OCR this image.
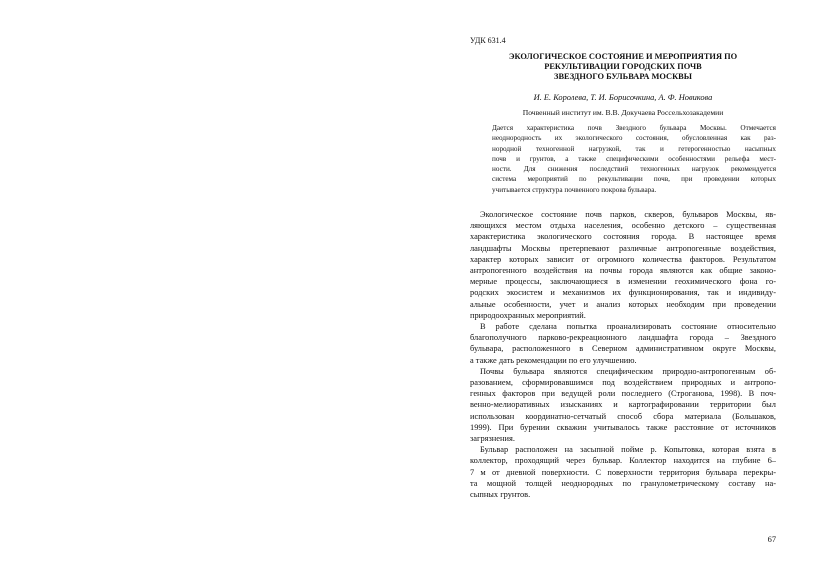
УДК 631.4
ЭКОЛОГИЧЕСКОЕ СОСТОЯНИЕ И МЕРОПРИЯТИЯ ПО
РЕКУЛЬТИВАЦИИ ГОРОДСКИХ ПОЧВ
ЗВЕЗДНОГО БУЛЬВАРА МОСКВЫ
И. Е. Королева, Т. И. Борисочкина, А. Ф. Новикова
Почвенный институт им. В.В. Докучаева Россельхозакадемии
Дается характеристика почв Звездного бульвара Москвы. Отмечается
неоднородность их экологического состояния, обусловленная как раз-
нородной техногенной нагрузкой, так и гетерогенностью насыпных
почв и грунтов, а также специфическими особенностями рельефа мест-
ности. Для снижения последствий техногенных нагрузок рекомендуется
система мероприятий по рекультивации почв, при проведении которых
учитывается структура почвенного покрова бульвара.
Экологическое состояние почв парков, скверов, бульваров Москвы, яв-
ляющихся местом отдыха населения, особенно детского – существенная
характеристика экологического состояния города. В настоящее время
ландшафты Москвы претерпевают различные антропогенные воздействия,
характер которых зависит от огромного количества факторов. Результатом
антропогенного воздействия на почвы города являются как общие законо-
мерные процессы, заключающиеся в изменении геохимического фона го-
родских экосистем и механизмов их функционирования, так и индивиду-
альные особенности, учет и анализ которых необходим при проведении
природоохранных мероприятий.
В работе сделана попытка проанализировать состояние относительно
благополучного парково-рекреационного ландшафта города – Звездного
бульвара, расположенного в Северном административном округе Москвы,
а также дать рекомендации по его улучшению.
Почвы бульвара являются специфическим природно-антропогенным об-
разованием, сформировавшимся под воздействием природных и антропо-
генных факторов при ведущей роли последнего (Строганова, 1998). В поч-
венно-мелиоративных изысканиях и картографировании территории был
использован координатно-сетчатый способ сбора материала (Большаков,
1999). При бурении скважин учитывалось также расстояние от источников
загрязнения.
Бульвар расположен на засыпной пойме р. Копытовка, которая взята в
коллектор, проходящий через бульвар. Коллектор находится на глубине 6–
7 м от дневной поверхности. С поверхности территория бульвара перекры-
та мощной толщей неоднородных по гранулометрическому составу на-
сыпных грунтов.
67
